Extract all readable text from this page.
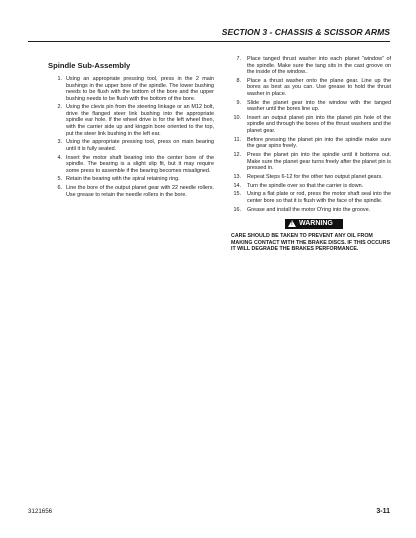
SECTION 3 - CHASSIS & SCISSOR ARMS
Spindle Sub-Assembly
1. Using an appropriate pressing tool, press in the 2 main bushings in the upper bore of the spindle. The lower bushing needs to be flush with the bottom of the bore and the upper bushing needs to be flush with the bottom of the bore.
2. Using the clevis pin from the steering linkage or an M12 bolt, drive the flanged steer link bushing into the appropriate spindle ear hole. If the wheel drive is for the left wheel then, with the carrier side up and kingpin bore oriented to the top, put the steer link bushing in the left ear.
3. Using the appropriate pressing tool, press on main bearing until it is fully seated.
4. Insert the motor shaft bearing into the center bore of the spindle. The bearing is a slight slip fit, but it may require some press to assemble if the bearing becomes misaligned.
5. Retain the bearing with the spiral retaining ring.
6. Line the bore of the output planet gear with 22 needle rollers. Use grease to retain the needle rollers in the bore.
7. Place tanged thrust washer into each planet “window” of the spindle. Make sure the tang sits in the cast groove on the inside of the window..
8. Place a thrust washer onto the plane gear. Line up the bores as best as you can. Use grease to hold the thrust washer in place.
9. Slide the planet gear into the window with the tanged washer until the bores line up.
10. Insert an output planet pin into the planet pin hole of the spindle and through the bores of the thrust washers and the planet gear.
11. Before pressing the planet pin into the spindle make sure the gear spins freely.
12. Press the planet pin into the spindle until it bottoms out. Make sure the planet gear turns freely after the planet pin is pressed in.
13. Repeat Steps 6-12 for the other two output planet gears.
14. Turn the spindle over so that the carrier is down.
15. Using a flat plate or rod, press the motor shaft seal into the center bore so that it is flush with the face of the spindle.
16. Grease and install the motor O'ring into the groove.
! WARNING
CARE SHOULD BE TAKEN TO PREVENT ANY OIL FROM MAKING CONTACT WITH THE BRAKE DISCS. IF THIS OCCURS IT WILL DEGRADE THE BRAKES PERFORMANCE.
3121656	3-11
